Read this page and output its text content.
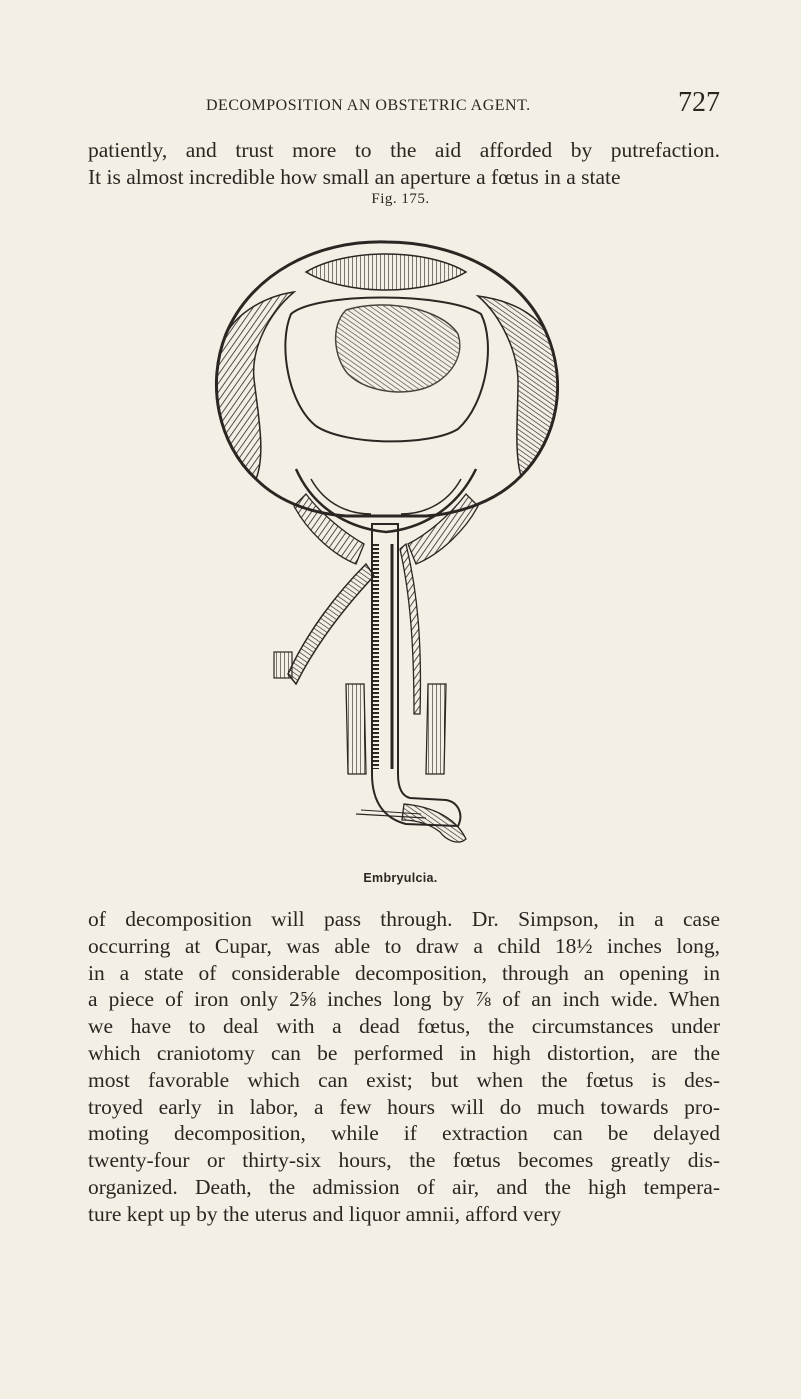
DECOMPOSITION AN OBSTETRIC AGENT.	727
patiently, and trust more to the aid afforded by putrefaction.
It is almost incredible how small an aperture a fœtus in a state
Fig. 175.
Embryulcia.
of decomposition will pass through. Dr. Simpson, in a case
occurring at Cupar, was able to draw a child 18½ inches long,
in a state of considerable decomposition, through an opening in
a piece of iron only 2⅝ inches long by ⅞ of an inch wide. When
we have to deal with a dead fœtus, the circumstances under
which craniotomy can be performed in high distortion, are the
most favorable which can exist; but when the fœtus is des-
troyed early in labor, a few hours will do much towards pro-
moting decomposition, while if extraction can be delayed
twenty-four or thirty-six hours, the fœtus becomes greatly dis-
organized. Death, the admission of air, and the high tempera-
ture kept up by the uterus and liquor amnii, afford very
